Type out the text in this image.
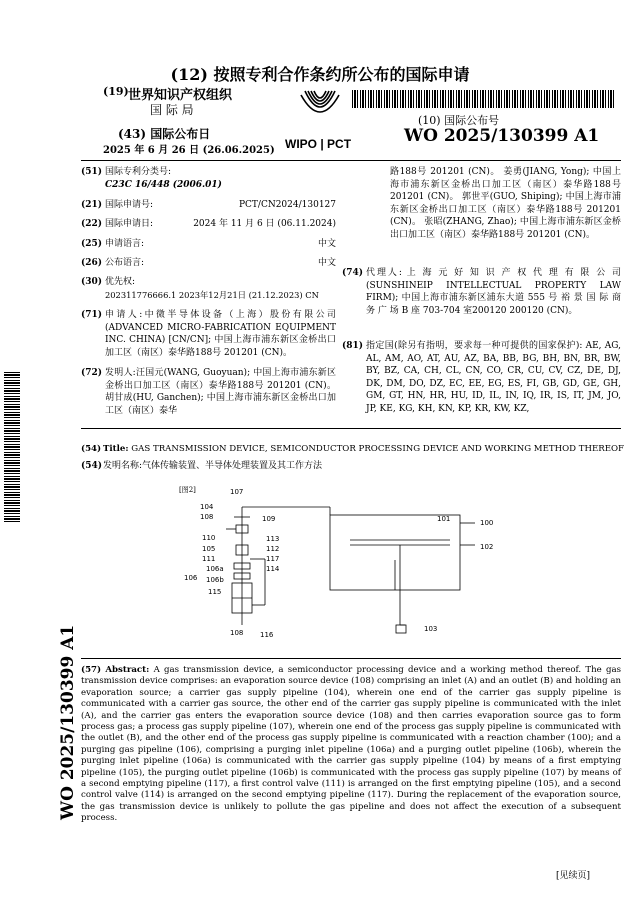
(12) 按照专利合作条约所公布的国际申请
(19) 世界知识产权组织
国 际 局
(43) 国际公布日
2025 年 6 月 26 日 (26.06.2025) WIPO | PCT
(10) 国际公布号
WO 2025/130399 A1
(51) 国际专利分类号:
C23C 16/448 (2006.01)
(21) 国际申请号:	PCT/CN2024/130127
(22) 国际申请日:	2024 年 11 月 6 日 (06.11.2024)
(25) 申请语言:	中文
(26) 公布语言:	中文
(30) 优先权:
202311776666.1 2023年12月21日 (21.12.2023) CN
(71) 申请人:中微半导体设备（上海）股份有限公司 (ADVANCED MICRO-FABRICATION EQUIPMENT INC. CHINA) [CN/CN]; 中国上海市浦东新区金桥出口加工区（南区）泰华路188号 201201 (CN)。
(72) 发明人:汪国元(WANG, Guoyuan); 中国上海市浦东新区金桥出口加工区（南区）泰华路188号 201201 (CN)。 胡甘成(HU, Ganchen); 中国上海市浦东新区金桥出口加工区（南区）泰华
路188号 201201 (CN)。 姜勇(JIANG, Yong); 中国上海市浦东新区金桥出口加工区（南区）泰华路188号 201201 (CN)。 郭世平(GUO, Shiping); 中国上海市浦东新区金桥出口加工区（南区）泰华路188号 201201 (CN)。 张昭(ZHANG, Zhao); 中国上海市浦东新区金桥出口加工区（南区）泰华路188号 201201 (CN)。
(74) 代理人: 上 海 元 好 知 识 产 权 代 理 有 限 公 司 (SUNSHINEIP INTELLECTUAL PROPERTY LAW FIRM); 中国上海市浦东新区浦东大道 555 号 裕 景 国 际 商 务 广 场 B 座 703-704 室200120 200120 (CN)。
(81) 指定国(除另有指明，要求每一种可提供的国家保护): AE, AG, AL, AM, AO, AT, AU, AZ, BA, BB, BG, BH, BN, BR, BW, BY, BZ, CA, CH, CL, CN, CO, CR, CU, CV, CZ, DE, DJ, DK, DM, DO, DZ, EC, EE, EG, ES, FI, GB, GD, GE, GH, GM, GT, HN, HR, HU, ID, IL, IN, IQ, IR, IS, IT, JM, JO, JP, KE, KG, KH, KN, KP, KR, KW, KZ,
WO 2025/130399 A1
(54) Title: GAS TRANSMISSION DEVICE, SEMICONDUCTOR PROCESSING DEVICE AND WORKING METHOD THEREOF
(54)发明名称:气体传输装置、半导体处理装置及其工作方法
[图2]	107
104
108	109
110	113
112
105
117
111
114
106a
106 106b
115
108 116
101	100
102
103
(57) Abstract: A gas transmission device, a semiconductor processing device and a working method thereof. The gas transmission device comprises: an evaporation source device (108) comprising an inlet (A) and an outlet (B) and holding an evaporation source; a carrier gas supply pipeline (104), wherein one end of the carrier gas supply pipeline is communicated with a carrier gas source, the other end of the carrier gas supply pipeline is communicated with the inlet (A), and the carrier gas enters the evaporation source device (108) and then carries evaporation source gas to form process gas; a process gas supply pipeline (107), wherein one end of the process gas supply pipeline is communicated with the outlet (B), and the other end of the process gas supply pipeline is communicated with a reaction chamber (100); and a purging gas pipeline (106), comprising a purging inlet pipeline (106a) and a purging outlet pipeline (106b), wherein the purging inlet pipeline (106a) is communicated with the carrier gas supply pipeline (104) by means of a first emptying pipeline (105), the purging outlet pipeline (106b) is communicated with the process gas supply pipeline (107) by means of a second emptying pipeline (117), a first control valve (111) is arranged on the first emptying pipeline (105), and a second control valve (114) is arranged on the second emptying pipeline (117). During the replacement of the evaporation source, the gas transmission device is unlikely to pollute the gas pipeline and does not affect the execution of a subsequent process.
[见续页]
